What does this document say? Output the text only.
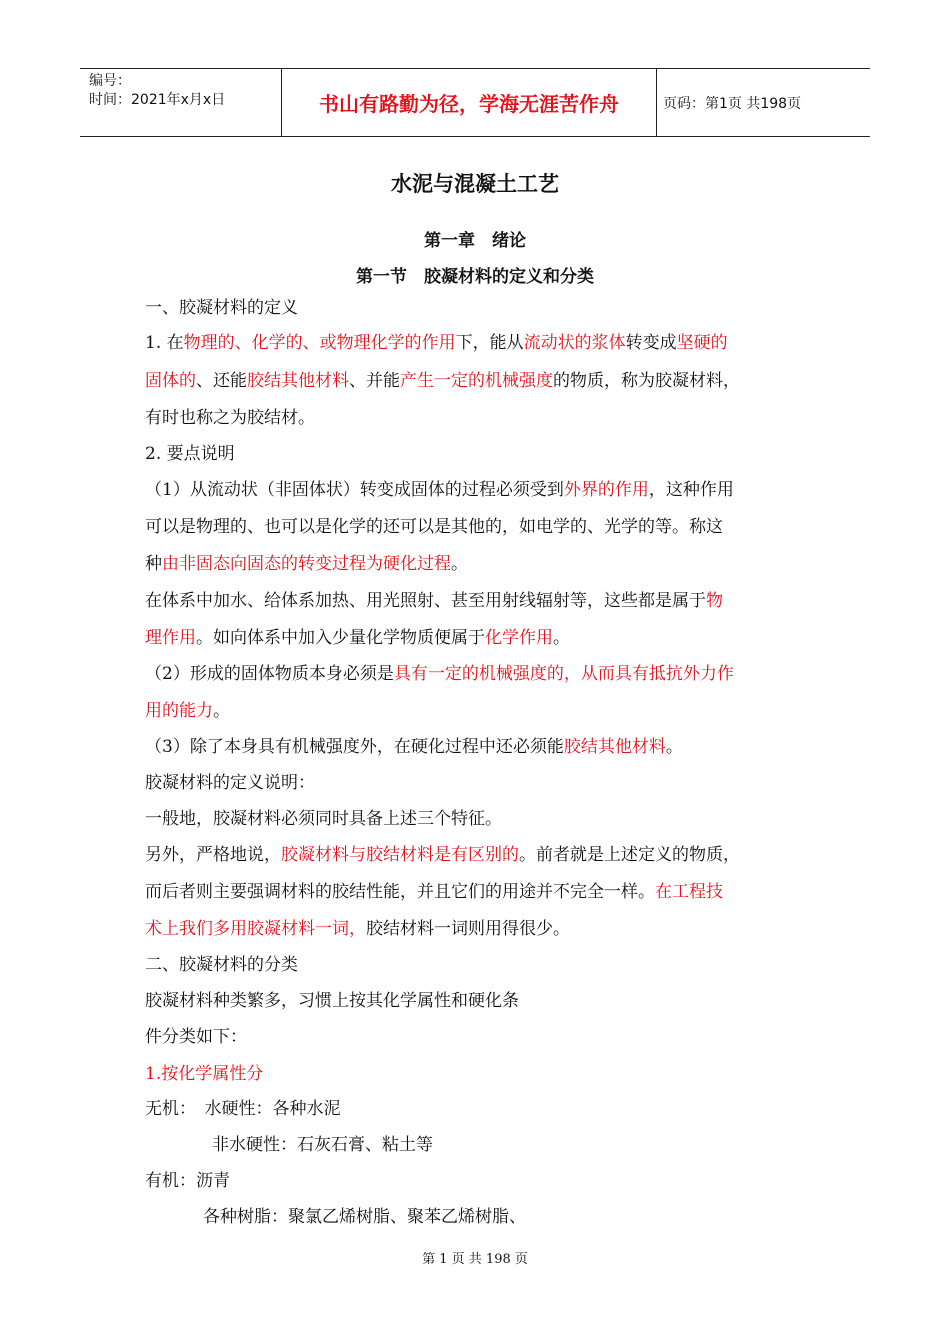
编号：
时间：2021年x月x日	书山有路勤为径，学海无涯苦作舟	页码：第1页 共198页
水泥与混凝土工艺
第一章　绪论
第一节　胶凝材料的定义和分类
一、胶凝材料的定义
1. 在物理的、化学的、或物理化学的作用下，能从流动状的浆体转变成坚硬的
固体的、还能胶结其他材料、并能产生一定的机械强度的物质，称为胶凝材料，
有时也称之为胶结材。
2. 要点说明
（1）从流动状（非固体状）转变成固体的过程必须受到外界的作用，这种作用
可以是物理的、也可以是化学的还可以是其他的，如电学的、光学的等。称这
种由非固态向固态的转变过程为硬化过程。
在体系中加水、给体系加热、用光照射、甚至用射线辐射等，这些都是属于物
理作用。如向体系中加入少量化学物质便属于化学作用。
（2）形成的固体物质本身必须是具有一定的机械强度的，从而具有抵抗外力作
用的能力。
（3）除了本身具有机械强度外，在硬化过程中还必须能胶结其他材料。
胶凝材料的定义说明：
一般地，胶凝材料必须同时具备上述三个特征。
另外，严格地说，胶凝材料与胶结材料是有区别的。前者就是上述定义的物质，
而后者则主要强调材料的胶结性能，并且它们的用途并不完全一样。在工程技
术上我们多用胶凝材料一词，胶结材料一词则用得很少。
二、胶凝材料的分类
胶凝材料种类繁多，习惯上按其化学属性和硬化条
件分类如下：
1.按化学属性分
无机：　水硬性：各种水泥
非水硬性：石灰石膏、粘土等
有机：沥青
各种树脂：聚氯乙烯树脂、聚苯乙烯树脂、
第 1 页 共 198 页
